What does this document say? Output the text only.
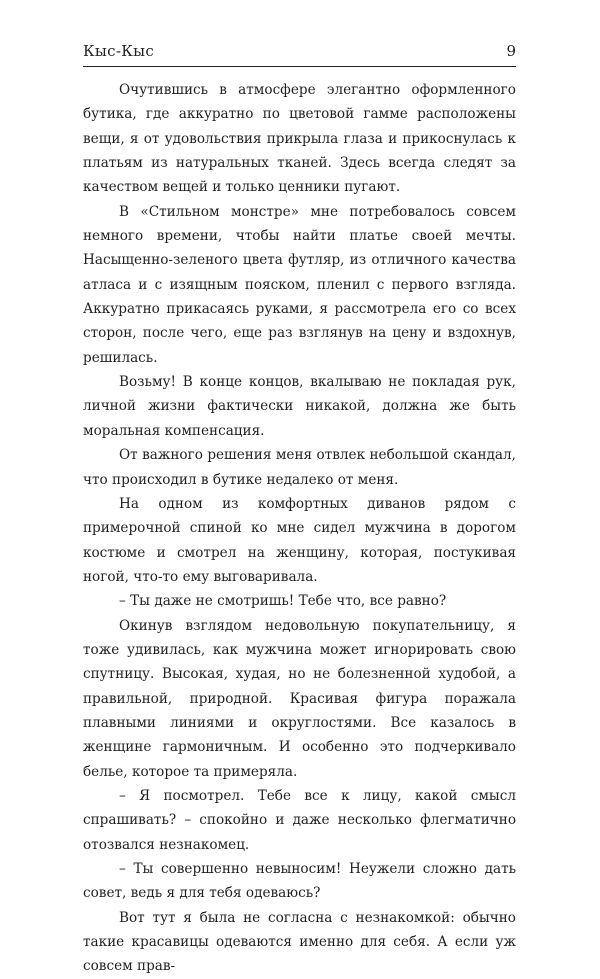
Кыс-Кыс	9

Очутившись в атмосфере элегантно оформленного бутика, где аккуратно по цветовой гамме расположены вещи, я от удовольствия прикрыла глаза и прикоснулась к платьям из натуральных тканей. Здесь всегда следят за качеством вещей и только ценники пугают.

В «Стильном монстре» мне потребовалось совсем немного времени, чтобы найти платье своей мечты. Насыщенно-зеленого цвета футляр, из отличного качества атласа и с изящным пояском, пленил с первого взгляда. Аккуратно прикасаясь руками, я рассмотрела его со всех сторон, после чего, еще раз взглянув на цену и вздохнув, решилась.

Возьму! В конце концов, вкалываю не покладая рук, личной жизни фактически никакой, должна же быть моральная компенсация.

От важного решения меня отвлек небольшой скандал, что происходил в бутике недалеко от меня.

На одном из комфортных диванов рядом с примерочной спиной ко мне сидел мужчина в дорогом костюме и смотрел на женщину, которая, постукивая ногой, что-то ему выговаривала.

– Ты даже не смотришь! Тебе что, все равно?

Окинув взглядом недовольную покупательницу, я тоже удивилась, как мужчина может игнорировать свою спутницу. Высокая, худая, но не болезненной худобой, а правильной, природной. Красивая фигура поражала плавными линиями и округлостями. Все казалось в женщине гармоничным. И особенно это подчеркивало белье, которое та примеряла.

– Я посмотрел. Тебе все к лицу, какой смысл спрашивать? – спокойно и даже несколько флегматично отозвался незнакомец.

– Ты совершенно невыносим! Неужели сложно дать совет, ведь я для тебя одеваюсь?

Вот тут я была не согласна с незнакомкой: обычно такие красавицы одеваются именно для себя. А если уж совсем прав-
